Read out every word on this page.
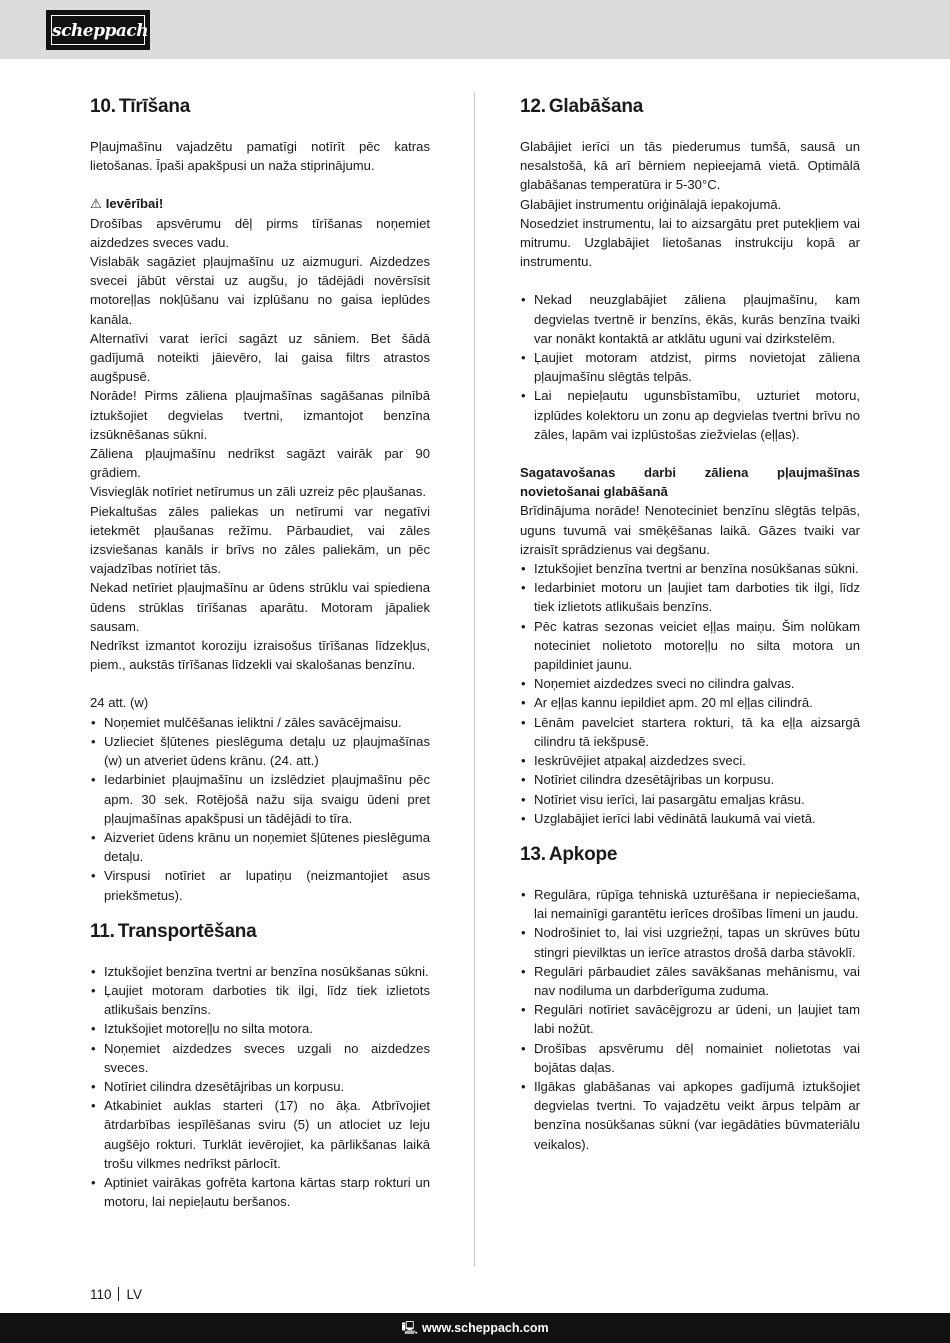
scheppach
10. Tīrīšana

Pļaujmašīnu vajadzētu pamatīgi notīrīt pēc katras lietošanas. Īpaši apakšpusi un naža stiprinājumu.

⚠ Ievērībai!

Drošības apsvērumu dēļ pirms tīrīšanas noņemiet aizdedzes sveces vadu.

Vislabāk sagāziet pļaujmašīnu uz aizmuguri. Aizdedzes svecei jābūt vērstai uz augšu, jo tādējādi novērsīsit motoreļļas nokļūšanu vai izplūšanu no gaisa ieplūdes kanāla.

Alternatīvi varat ierīci sagāzt uz sāniem. Bet šādā gadījumā noteikti jāievēro, lai gaisa filtrs atrastos augšpusē.

Norāde! Pirms zāliena pļaujmašīnas sagāšanas pilnībā iztukšojiet degvielas tvertni, izmantojot benzīna izsūknēšanas sūkni.

Zāliena pļaujmašīnu nedrīkst sagāzt vairāk par 90 grādiem.

Visvieglāk notīriet netīrumus un zāli uzreiz pēc pļaušanas.

Piekaltušas zāles paliekas un netīrumi var negatīvi ietekmēt pļaušanas režīmu. Pārbaudiet, vai zāles izsviešanas kanāls ir brīvs no zāles paliekām, un pēc vajadzības notīriet tās.

Nekad netīriet pļaujmašīnu ar ūdens strūklu vai spiediena ūdens strūklas tīrīšanas aparātu. Motoram jāpaliek sausam.

Nedrīkst izmantot koroziju izraisošus tīrīšanas līdzekļus, piem., aukstās tīrīšanas līdzekli vai skalošanas benzīnu.

24 att. (w)

• Noņemiet mulčēšanas ieliktni / zāles savācējmaisu.
• Uzlieciet šļūtenes pieslēguma detaļu uz pļaujmašīnas (w) un atveriet ūdens krānu. (24. att.)
• Iedarbiniet pļaujmašīnu un izslēdziet pļaujmašīnu pēc apm. 30 sek. Rotējošā nažu sija svaigu ūdeni pret pļaujmašīnas apakšpusi un tādējādi to tīra.
• Aizveriet ūdens krānu un noņemiet šļūtenes pieslēguma detaļu.
• Virspusi notīriet ar lupatiņu (neizmantojiet asus priekšmetus).
11. Transportēšana
• Iztukšojiet benzīna tvertni ar benzīna nosūkšanas sūkni.
• Ļaujiet motoram darboties tik ilgi, līdz tiek izlietots atlikušais benzīns.
• Iztukšojiet motoreļļu no silta motora.
• Noņemiet aizdedzes sveces uzgali no aizdedzes sveces.
• Notīriet cilindra dzesētājribas un korpusu.
• Atkabiniet auklas starteri (17) no āķa. Atbrīvojiet ātrdarbības iespīlēšanas sviru (5) un atlociet uz leju augšējo rokturi. Turklāt ievērojiet, ka pārlikšanas laikā trošu vilkmes nedrīkst pārlocīt.
• Aptiniet vairākas gofrēta kartona kārtas starp rokturi un motoru, lai nepieļautu beršanos.
12. Glabāšana

Glabājiet ierīci un tās piederumus tumšā, sausā un nesalstošā, kā arī bērniem nepieejamā vietā. Optimālā glabāšanas temperatūra ir 5-30°C.

Glabājiet instrumentu oriģinālajā iepakojumā.

Nosedziet instrumentu, lai to aizsargātu pret putekļiem vai mitrumu. Uzglabājiet lietošanas instrukciju kopā ar instrumentu.

• Nekad neuzglabājiet zāliena pļaujmašīnu, kam degvielas tvertnē ir benzīns, ēkās, kurās benzīna tvaiki var nonākt kontaktā ar atklātu uguni vai dzirkstelēm.
• Ļaujiet motoram atdzist, pirms novietojat zāliena pļaujmašīnu slēgtās telpās.
• Lai nepieļautu ugunsbīstamību, uzturiet motoru, izplūdes kolektoru un zonu ap degvielas tvertni brīvu no zāles, lapām vai izplūstošas ziežvielas (eļļas).

Sagatavošanas darbi zāliena pļaujmašīnas novietošanai glabāšanā

Brīdinājuma norāde! Nenoteciniet benzīnu slēgtās telpās, uguns tuvumā vai smēķēšanas laikā. Gāzes tvaiki var izraisīt sprādzienus vai degšanu.

• Iztukšojiet benzīna tvertni ar benzīna nosūkšanas sūkni.
• Iedarbiniet motoru un ļaujiet tam darboties tik ilgi, līdz tiek izlietots atlikušais benzīns.
• Pēc katras sezonas veiciet eļļas maiņu. Šim nolūkam noteciniet nolietoto motoreļļu no silta motora un papildiniet jaunu.
• Noņemiet aizdedzes sveci no cilindra galvas.
• Ar eļļas kannu iepildiet apm. 20 ml eļļas cilindrā.
• Lēnām pavelciet startera rokturi, tā ka eļļa aizsargā cilindru tā iekšpusē.
• Ieskrūvējiet atpakaļ aizdedzes sveci.
• Notīriet cilindra dzesētājribas un korpusu.
• Notīriet visu ierīci, lai pasargātu emaljas krāsu.
• Uzglabājiet ierīci labi vēdinātā laukumā vai vietā.
13. Apkope
• Regulāra, rūpīga tehniskā uzturēšana ir nepieciešama, lai nemainīgi garantētu ierīces drošības līmeni un jaudu.
• Nodrošiniet to, lai visi uzgriežņi, tapas un skrūves būtu stingri pievilktas un ierīce atrastos drošā darba stāvoklī.
• Regulāri pārbaudiet zāles savākšanas mehānismu, vai nav nodiluma un darbderīguma zuduma.
• Regulāri notīriet savācējgrozu ar ūdeni, un ļaujiet tam labi nožūt.
• Drošības apsvērumu dēļ nomainiet nolietotas vai bojātas daļas.
• Ilgākas glabāšanas vai apkopes gadījumā iztukšojiet degvielas tvertni. To vajadzētu veikt ārpus telpām ar benzīna nosūkšanas sūkni (var iegādāties būvmateriālu veikalos).
110 LV
🖳 www.scheppach.com
